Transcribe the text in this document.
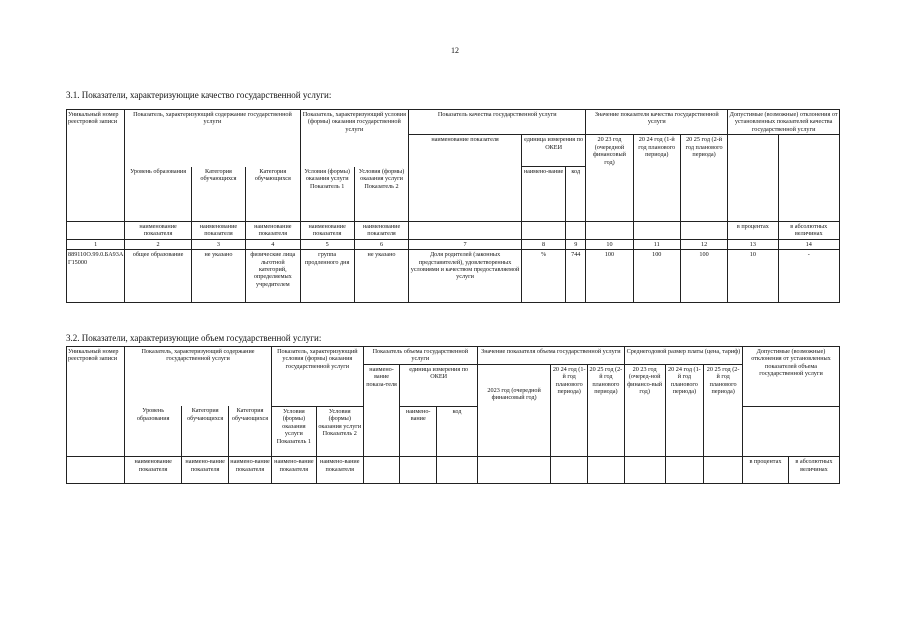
12
3.1. Показатели, характеризующие качество государственной услуги:
Уникальный номер реестровой записи	Показатель, характеризующий содержание государственной услуги			Показатель, характеризующий условия (формы) оказания государственной услуги		Показатель качества государственной услуги			Значение показателя качества государственной услуги			Допустимые (возможные) отклонения от установленных показателей качества государственной услуги	
						наименование показателя	единица измерения по ОКЕИ		20 23 год (очередной финансовый год)	20 24 год (1-й год планового периода)	20 25 год (2-й год планового периода)		
	Уровень образования	Категория обучающихся	Категория обучающихся	Условия (формы) оказания услуги Показатель 1	Условия (формы) оказания услуги Показатель 2		наимено-вание	код					
	наименование показателя	наименование показателя	наименование показателя	наименование показателя	наименование показателя							в процентах	в абсолютных величинах
1	2	3	4	5	6	7	8	9	10	11	12	13	14
889110О.99.0.БА93АГ15000	общее образование	не указано	физические лица льготной категорий, определяемых учредителем	группа продленного дня	не указано	Доля родителей (законных представителей), удовлетворенных условиями и качеством предоставляемой услуги	%	744	100	100	100	10	-
3.2. Показатели, характеризующие объем государственной услуги:
Уникальный номер реестровой записи	Показатель, характеризующий содержание государственной услуги			Показатель, характеризующий условия (формы) оказания государственной услуги		Показатель объема государственной услуги			Значение показателя объема государственной услуги			Среднегодовой размер платы (цена, тариф)			Допустимые (возможные) отклонения от установленных показателей объема государственной услуги	
						наимено-вание показа-теля	единица измерения по ОКЕИ		2023 год (очередной финансовый год)	20 24 год (1-й год планового периода)	20 25 год (2-й год планового периода)	20 23 год (очеред-ной финансо-вый год)	20 24 год (1-й год планового периода)	20 25 год (2-й год планового периода)		
	Уровень образования	Категория обучающихся	Категория обучающихся	Условия (формы) оказания услуги Показатель 1	Условия (формы) оказания услуги Показатель 2		наимено-вание	код								

	наименование показателя	наимено-вание показателя	наимено-вание показателя	наимено-вание показателя	наимено-вание показателя										в процентах	в абсолютных величинах
